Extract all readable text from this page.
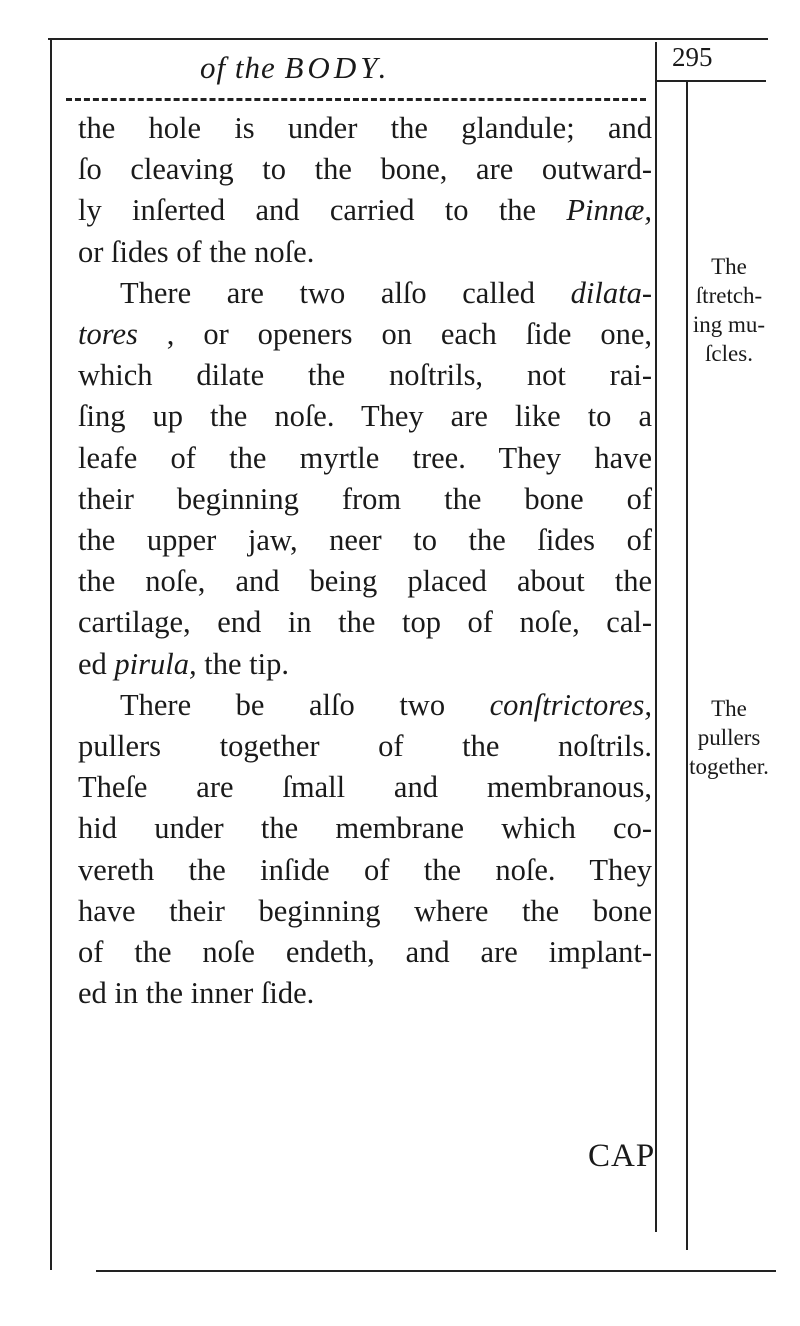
of the BODY.	295
the hole is under the glandule; and
ſo cleaving to the bone, are outward-
ly inſerted and carried to the Pinnæ,
or ſides of the noſe.
There are two alſo called dilata-
tores , or openers on each ſide one,
which dilate the noſtrils, not rai-
ſing up the noſe. They are like to a
leafe of the myrtle tree. They have
their beginning from the bone of
the upper jaw, neer to the ſides of
the noſe, and being placed about the
cartilage, end in the top of noſe, cal-
ed pirula, the tip.
There be alſo two conſtrictores,
pullers together of the noſtrils.
Theſe are ſmall and membranous,
hid under the membrane which co-
vereth the inſide of the noſe. They
have their beginning where the bone
of the noſe endeth, and are implant-
ed in the inner ſide.
The
ſtretch-
ing mu-
ſcles.
The
pullers
together.
CAP
